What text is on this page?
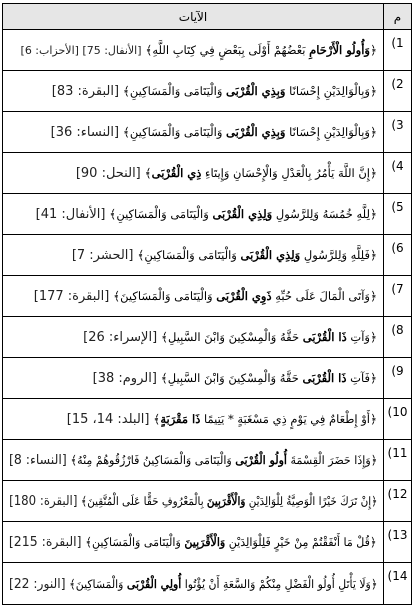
م
الآيات
1)
﴿وَأُولُو الْأَرْحَامِ بَعْضُهُمْ أَوْلَى بِبَعْضٍ فِي كِتَابِ اللَّهِ﴾ [الأنفال: 75] [الأحزاب: 6]
2)
﴿وَبِالْوَالِدَيْنِ إِحْسَانًا وَبِذِي الْقُرْبَى وَالْيَتَامَى وَالْمَسَاكِينِ﴾ [البقرة: 83]
3)
﴿وَبِالْوَالِدَيْنِ إِحْسَانًا وَبِذِي الْقُرْبَى وَالْيَتَامَى وَالْمَسَاكِينِ﴾ [النساء: 36]
4)
﴿إِنَّ اللَّهَ يَأْمُرُ بِالْعَدْلِ وَالْإِحْسَانِ وَإِيتَاءِ ذِي الْقُرْبَى﴾ [النحل: 90]
5)
﴿لِلَّهِ خُمُسَهُ وَلِلرَّسُولِ وَلِذِي الْقُرْبَى وَالْيَتَامَى وَالْمَسَاكِينِ﴾ [الأنفال: 41]
6)
﴿فَلِلَّهِ وَلِلرَّسُولِ وَلِذِي الْقُرْبَى وَالْيَتَامَى وَالْمَسَاكِينِ﴾ [الحشر: 7]
7)
﴿وَآتَى الْمَالَ عَلَى حُبِّهِ ذَوِي الْقُرْبَى وَالْيَتَامَى وَالْمَسَاكِينَ﴾ [البقرة: 177]
8)
﴿وَآتِ ذَا الْقُرْبَى حَقَّهُ وَالْمِسْكِينَ وَابْنَ السَّبِيلِ﴾ [الإسراء: 26]
9)
﴿فَآتِ ذَا الْقُرْبَى حَقَّهُ وَالْمِسْكِينَ وَابْنَ السَّبِيلِ﴾ [الروم: 38]
10)
﴿أَوْ إِطْعَامٌ فِي يَوْمٍ ذِي مَسْغَبَةٍ * يَتِيمًا ذَا مَقْرَبَةٍ﴾ [البلد: 14، 15]
11)
﴿وَإِذَا حَضَرَ الْقِسْمَةَ أُولُو الْقُرْبَى وَالْيَتَامَى وَالْمَسَاكِينُ فَارْزُقُوهُمْ مِنْهُ﴾ [النساء: 8]
12)
﴿إِنْ تَرَكَ خَيْرًا الْوَصِيَّةُ لِلْوَالِدَيْنِ وَالْأَقْرَبِينَ بِالْمَعْرُوفِ حَقًّا عَلَى الْمُتَّقِينَ﴾ [البقرة: 180]
13)
﴿قُلْ مَا أَنْفَقْتُمْ مِنْ خَيْرٍ فَلِلْوَالِدَيْنِ وَالْأَقْرَبِينَ وَالْيَتَامَى وَالْمَسَاكِينِ﴾ [البقرة: 215]
14)
﴿وَلَا يَأْتَلِ أُولُو الْفَضْلِ مِنْكُمْ وَالسَّعَةِ أَنْ يُؤْتُوا أُولِي الْقُرْبَى وَالْمَسَاكِينَ﴾ [النور: 22]
